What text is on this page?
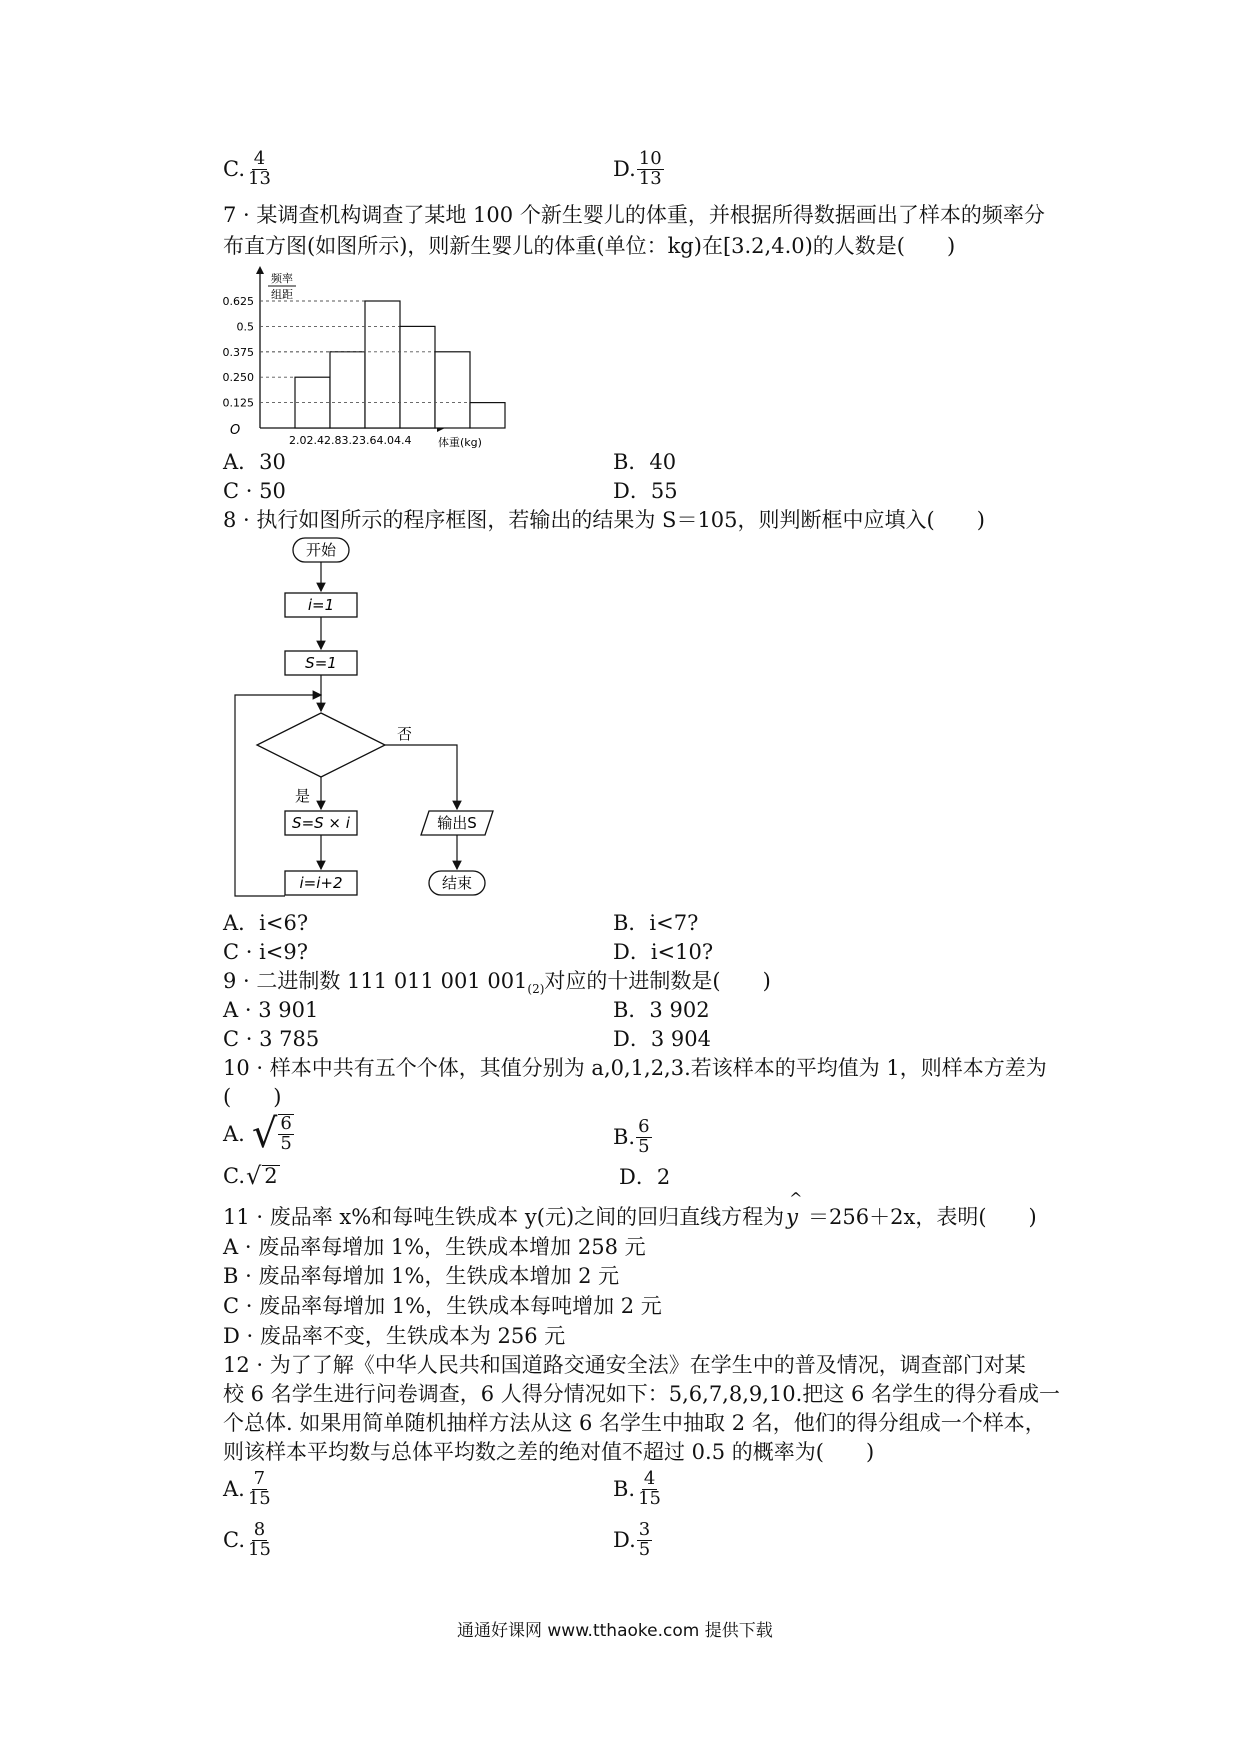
C. $\frac{4}{13}$	D. $\frac{10}{13}$
7 · 某调查机构调查了某地 100 个新生婴儿的体重，并根据所得数据画出了样本的频率分
布直方图(如图所示)，则新生婴儿的体重(单位：kg)在[3.2,4.0)的人数是(　　)
频率
组距
O
0.625
0.5
0.375
0.250
0.125
2.02.42.83.23.64.04.4 体重(kg)
A．30	B．40
C · 50	D．55
8 · 执行如图所示的程序框图，若输出的结果为 S＝105，则判断框中应填入(　　)
开始
i=1
S=1
否
是
S=S × i
i=i+2
输出S
结束
A．i<6?	B．i<7?
C · i<9?	D．i<10?
9 · 二进制数 111 011 001 $001_{(2)}$对应的十进制数是(　　)
A · 3 901	B．3 902
C · 3 785	D．3 904
10 · 样本中共有五个个体，其值分别为 a,0,1,2,3.若该样本的平均值为 1，则样本方差为
(　　)
A. √ $\frac{6}{5}$	B. $\frac{6}{5}$
C. √ 2	D．2
11 · 废品率 x%和每吨生铁成本 y(元)之间的回归直线方程为
^
y ＝256＋2x，表明(　　)
A · 废品率每增加 1%，生铁成本增加 258 元
B · 废品率每增加 1%，生铁成本增加 2 元
C · 废品率每增加 1%，生铁成本每吨增加 2 元
D · 废品率不变，生铁成本为 256 元
12 · 为了了解《中华人民共和国道路交通安全法》在学生中的普及情况，调查部门对某
校 6 名学生进行问卷调查，6 人得分情况如下：5,6,7,8,9,10.把这 6 名学生的得分看成一
个总体. 如果用简单随机抽样方法从这 6 名学生中抽取 2 名，他们的得分组成一个样本，
则该样本平均数与总体平均数之差的绝对值不超过 0.5 的概率为(　　)
A. $\frac{7}{15}$	B. $\frac{4}{15}$
C. $\frac{8}{15}$	D. $\frac{3}{5}$
通通好课网 www.tthaoke.com 提供下载
